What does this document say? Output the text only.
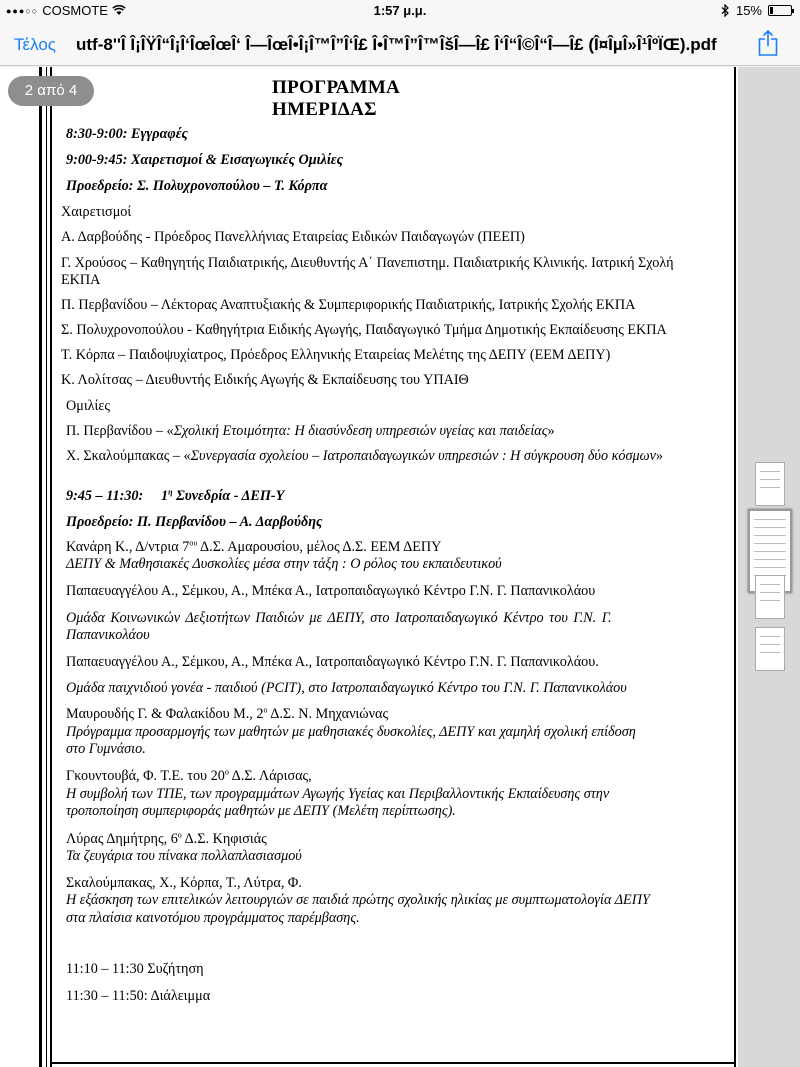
●●●○○ COSMOTE	1:57 μ.μ.	15%
Τέλος utf-8''Î Î¡ÎŸÎ“Î¡Î‘ÎœÎœÎ‘ Î—ÎœÎ•Î¡Î™Î”Î‘Î£ Î•Î™Î”Î™ÎšÎ—Î£ Î‘Î“Î©Î“Î—Î£ (Î¤ÎµÎ»Î¹ÎºÏŒ).pdf
2 από 4	ΠΡΟΓΡΑΜΜΑ ΗΜΕΡΙΔΑΣ
8:30-9:00: Εγγραφές
9:00-9:45: Χαιρετισμοί & Εισαγωγικές Ομιλίες
Προεδρείο: Σ. Πολυχρονοπούλου – Τ. Κόρπα
Χαιρετισμοί
Α. Δαρβούδης - Πρόεδρος Πανελλήνιας Εταιρείας Ειδικών Παιδαγωγών (ΠΕΕΠ)
Γ. Χρούσος – Καθηγητής Παιδιατρικής, Διευθυντής Α΄ Πανεπιστημ. Παιδιατρικής Κλινικής. Ιατρική Σχολή
ΕΚΠΑ
Π. Περβανίδου – Λέκτορας Αναπτυξιακής & Συμπεριφορικής Παιδιατρικής, Ιατρικής Σχολής ΕΚΠΑ
Σ. Πολυχρονοπούλου - Καθηγήτρια Ειδικής Αγωγής, Παιδαγωγικό Τμήμα Δημοτικής Εκπαίδευσης ΕΚΠΑ
Τ. Κόρπα – Παιδοψυχίατρος, Πρόεδρος Ελληνικής Εταιρείας Μελέτης της ΔΕΠΥ (ΕΕΜ ΔΕΠΥ)
Κ. Λολίτσας – Διευθυντής Ειδικής Αγωγής & Εκπαίδευσης του ΥΠΑΙΘ
Ομιλίες
Π. Περβανίδου – «Σχολική Ετοιμότητα: Η διασύνδεση υπηρεσιών υγείας και παιδείας»
Χ. Σκαλούμπακας – «Συνεργασία σχολείου – Ιατροπαιδαγωγικών υπηρεσιών : Η σύγκρουση δύο κόσμων»
9:45 – 11:30: $1^\eta$ Συνεδρία - ΔΕΠ-Υ
Προεδρείο: Π. Περβανίδου – Α. Δαρβούδης
Κανάρη Κ., Δ/ντρια $7^{o\upsilon}$ Δ.Σ. Αμαρουσίου, μέλος Δ.Σ. ΕΕΜ ΔΕΠΥ
ΔΕΠΥ & Μαθησιακές Δυσκολίες μέσα στην τάξη : Ο ρόλος του εκπαιδευτικού
Παπαευαγγέλου Α., Σέμκου, Α., Μπέκα Α., Ιατροπαιδαγωγικό Κέντρο Γ.Ν. Γ. Παπανικολάου
Ομάδα Κοινωνικών Δεξιοτήτων Παιδιών με ΔΕΠΥ, στο Ιατροπαιδαγωγικό Κέντρο του Γ.Ν. Γ.
Παπανικολάου
Παπαευαγγέλου Α., Σέμκου, Α., Μπέκα Α., Ιατροπαιδαγωγικό Κέντρο Γ.Ν. Γ. Παπανικολάου.
Ομάδα παιχνιδιού γονέα - παιδιού (PCIT), στο Ιατροπαιδαγωγικό Κέντρο του Γ.Ν. Γ. Παπανικολάου
Μαυρουδής Γ. & Φαλακίδου Μ., $2^o$ Δ.Σ. Ν. Μηχανιώνας
Πρόγραμμα προσαρμογής των μαθητών με μαθησιακές δυσκολίες, ΔΕΠΥ και χαμηλή σχολική επίδοση
στο Γυμνάσιο.
Γκουντουβά, Φ. Τ.Ε. του $20^o$ Δ.Σ. Λάρισας,
Η συμβολή των ΤΠΕ, των προγραμμάτων Αγωγής Υγείας και Περιβαλλοντικής Εκπαίδευσης στην
τροποποίηση συμπεριφοράς μαθητών με ΔΕΠΥ (Μελέτη περίπτωσης).
Λύρας Δημήτρης, $6^o$ Δ.Σ. Κηφισιάς
Τα ζευγάρια του πίνακα πολλαπλασιασμού
Σκαλούμπακας, Χ., Κόρπα, Τ., Λύτρα, Φ.
Η εξάσκηση των επιτελικών λειτουργιών σε παιδιά πρώτης σχολικής ηλικίας με συμπτωματολογία ΔΕΠΥ
στα πλαίσια καινοτόμου προγράμματος παρέμβασης.
11:10 – 11:30 Συζήτηση
11:30 – 11:50: Διάλειμμα
